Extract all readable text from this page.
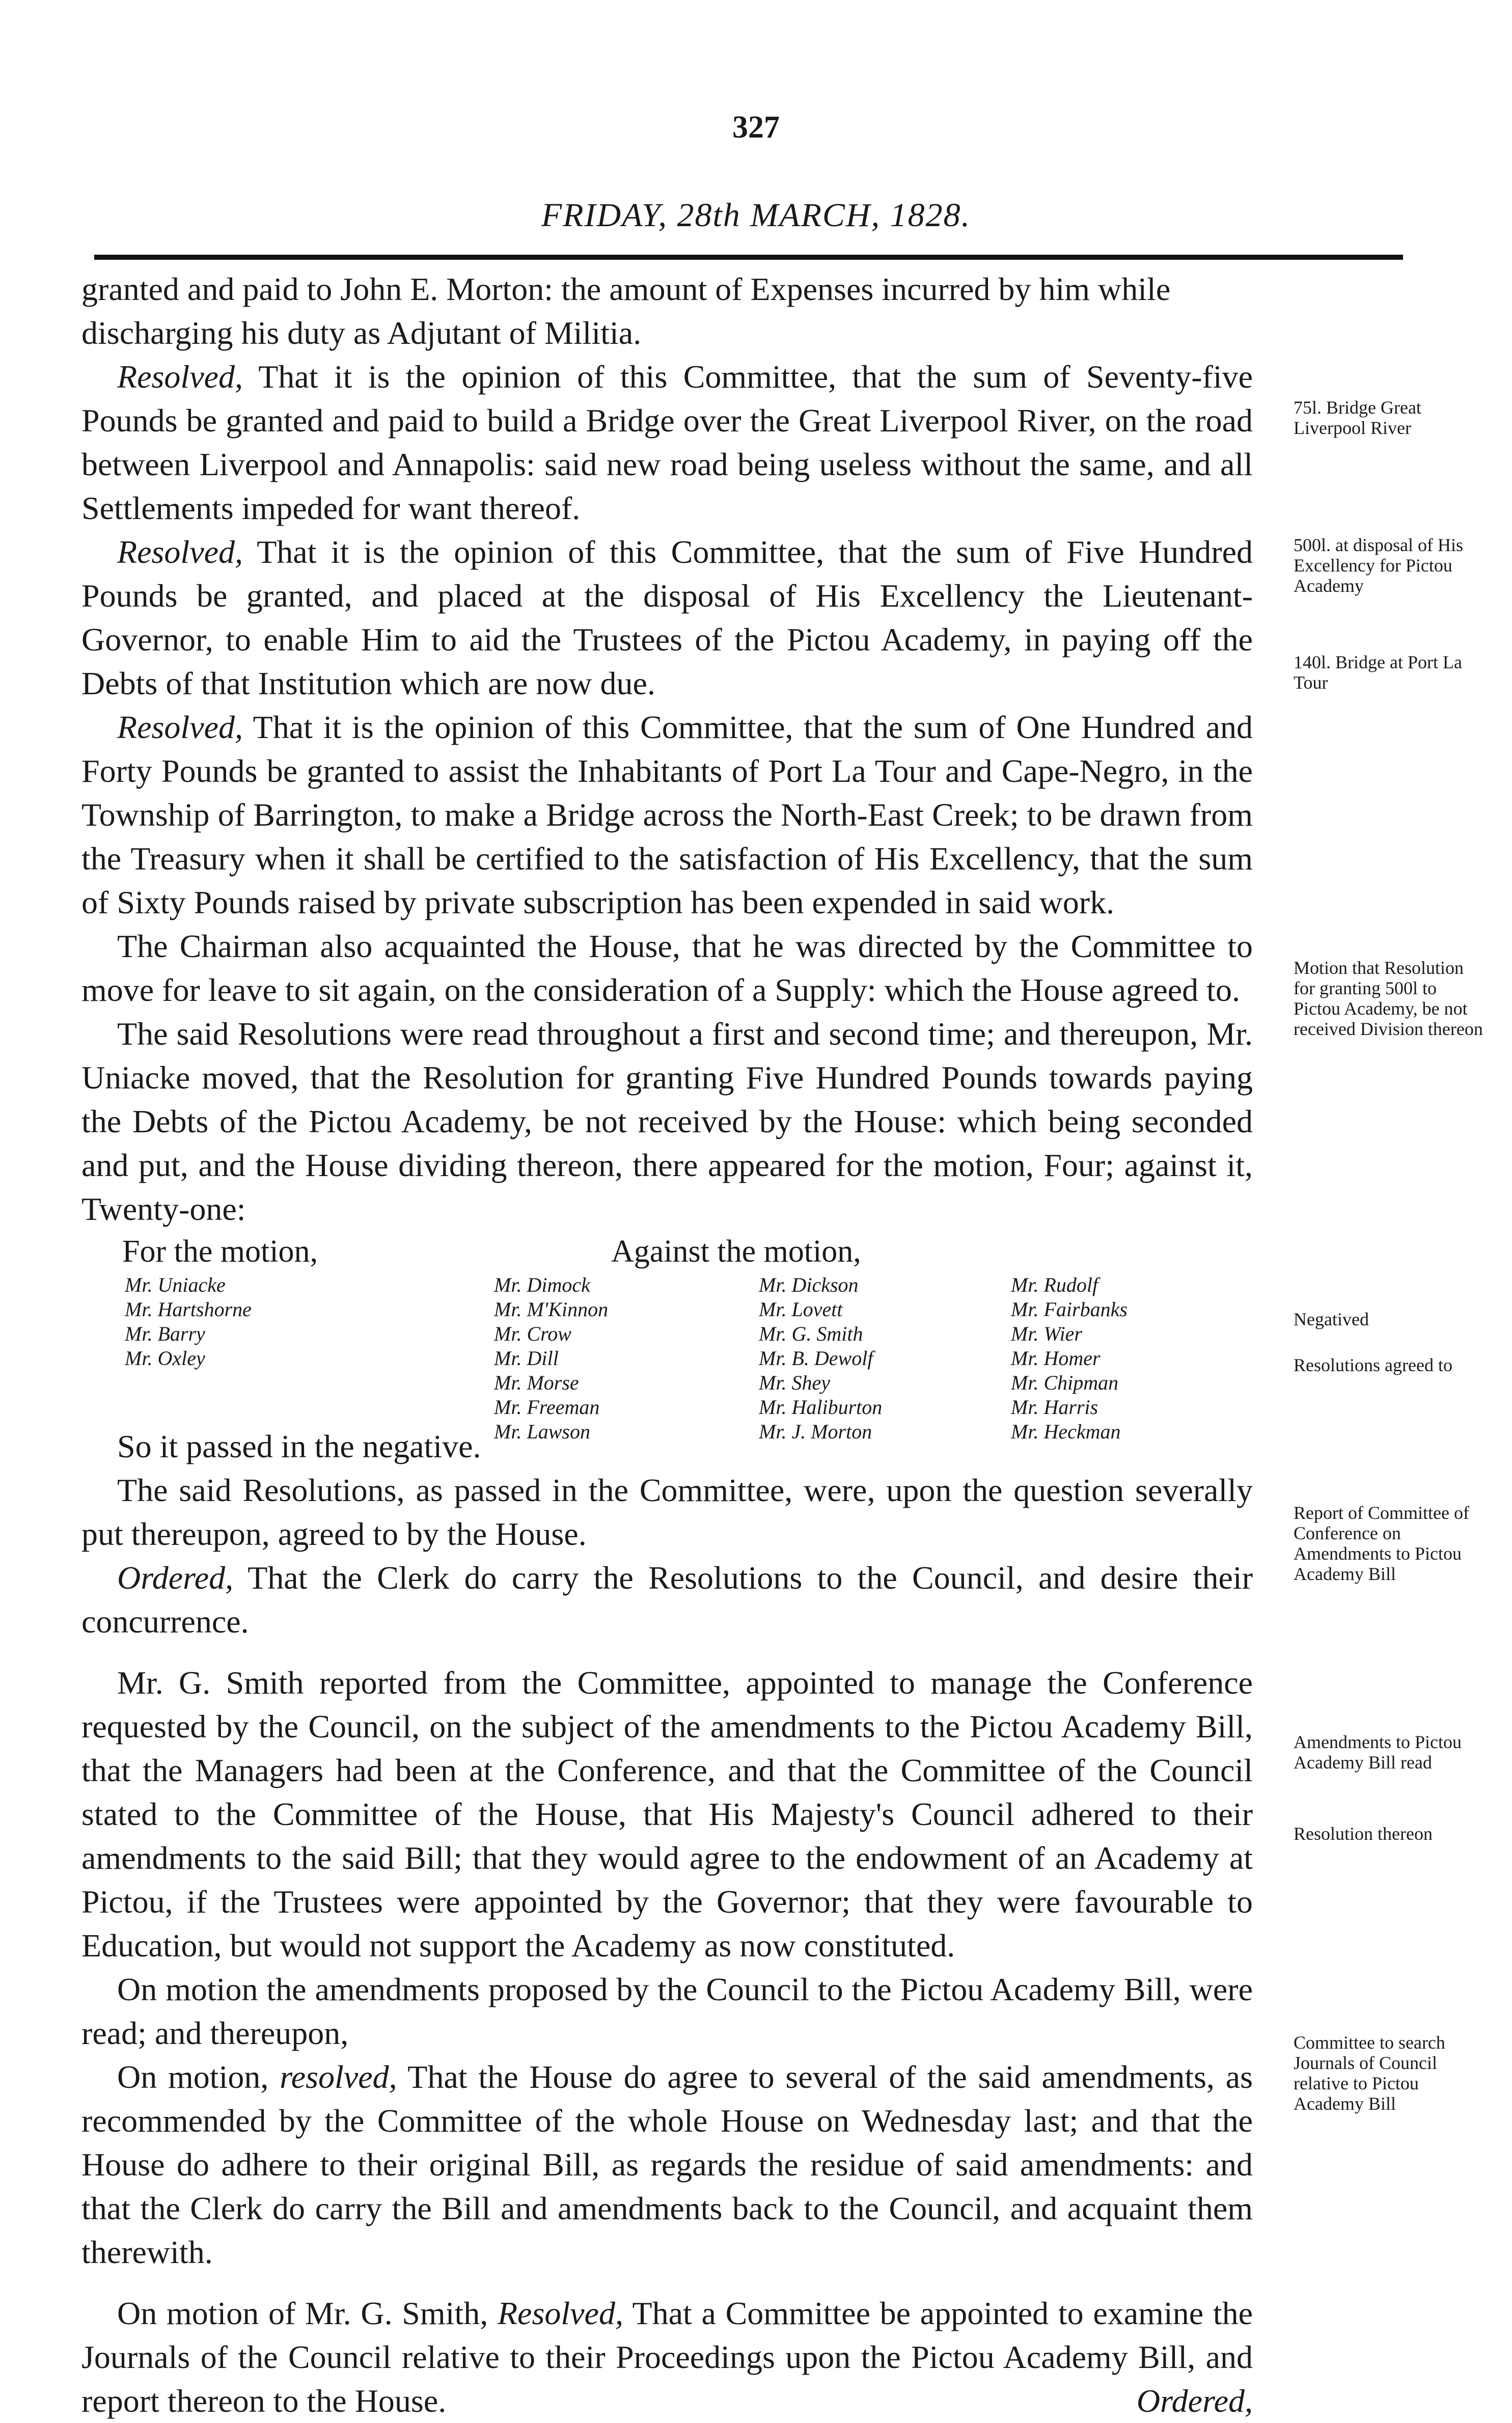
327
FRIDAY, 28th MARCH, 1828.

granted and paid to John E. Morton: the amount of Expenses incurred by him while
discharging his duty as Adjutant of Militia.

Resolved, That it is the opinion of this Committee, that the sum of Seventy-five Pounds be granted and paid to build a Bridge over the Great Liverpool River, on the road between Liverpool and Annapolis: said new road being useless without the same, and all Settlements impeded for want thereof.

Resolved, That it is the opinion of this Committee, that the sum of Five Hundred Pounds be granted, and placed at the disposal of His Excellency the Lieutenant-Governor, to enable Him to aid the Trustees of the Pictou Academy, in paying off the Debts of that Institution which are now due.

Resolved, That it is the opinion of this Committee, that the sum of One Hundred and Forty Pounds be granted to assist the Inhabitants of Port La Tour and Cape-Negro, in the Township of Barrington, to make a Bridge across the North-East Creek; to be drawn from the Treasury when it shall be certified to the satisfaction of His Excellency, that the sum of Sixty Pounds raised by private subscription has been expended in said work.

The Chairman also acquainted the House, that he was directed by the Committee to move for leave to sit again, on the consideration of a Supply: which the House agreed to.

The said Resolutions were read throughout a first and second time; and thereupon, Mr. Uniacke moved, that the Resolution for granting Five Hundred Pounds towards paying the Debts of the Pictou Academy, be not received by the House: which being seconded and put, and the House dividing thereon, there appeared for the motion, Four; against it, Twenty-one:

For the motion,	Against the motion,
Mr. Uniacke
Mr. Hartshorne
Mr. Barry
Mr. Oxley
Mr. Dimock
Mr. M'Kinnon
Mr. Crow
Mr. Dill
Mr. Morse
Mr. Freeman
Mr. Lawson
Mr. Dickson
Mr. Lovett
Mr. G. Smith
Mr. B. Dewolf
Mr. Shey
Mr. Haliburton
Mr. J. Morton
Mr. Rudolf
Mr. Fairbanks
Mr. Wier
Mr. Homer
Mr. Chipman
Mr. Harris
Mr. Heckman

So it passed in the negative.

The said Resolutions, as passed in the Committee, were, upon the question severally put thereupon, agreed to by the House.

Ordered, That the Clerk do carry the Resolutions to the Council, and desire their concurrence.

Mr. G. Smith reported from the Committee, appointed to manage the Conference requested by the Council, on the subject of the amendments to the Pictou Academy Bill, that the Managers had been at the Conference, and that the Committee of the Council stated to the Committee of the House, that His Majesty's Council adhered to their amendments to the said Bill; that they would agree to the endowment of an Academy at Pictou, if the Trustees were appointed by the Governor; that they were favourable to Education, but would not support the Academy as now constituted.

On motion the amendments proposed by the Council to the Pictou Academy Bill, were read; and thereupon,

On motion, resolved, That the House do agree to several of the said amendments, as recommended by the Committee of the whole House on Wednesday last; and that the House do adhere to their original Bill, as regards the residue of said amendments: and that the Clerk do carry the Bill and amendments back to the Council, and acquaint them therewith.

On motion of Mr. G. Smith, Resolved, That a Committee be appointed to examine the Journals of the Council relative to their Proceedings upon the Pictou Academy Bill, and report thereon to the House.	Ordered,
75l. Bridge Great Liverpool River
500l. at disposal of His Excellency for Pictou Academy
140l. Bridge at Port La Tour
Motion that Resolution for granting 500l to Pictou Academy, be not received Division thereon
Negatived
Resolutions agreed to
Report of Committee of Conference on Amendments to Pictou Academy Bill
Amendments to Pictou Academy Bill read
Resolution thereon
Committee to search Journals of Council relative to Pictou Academy Bill
